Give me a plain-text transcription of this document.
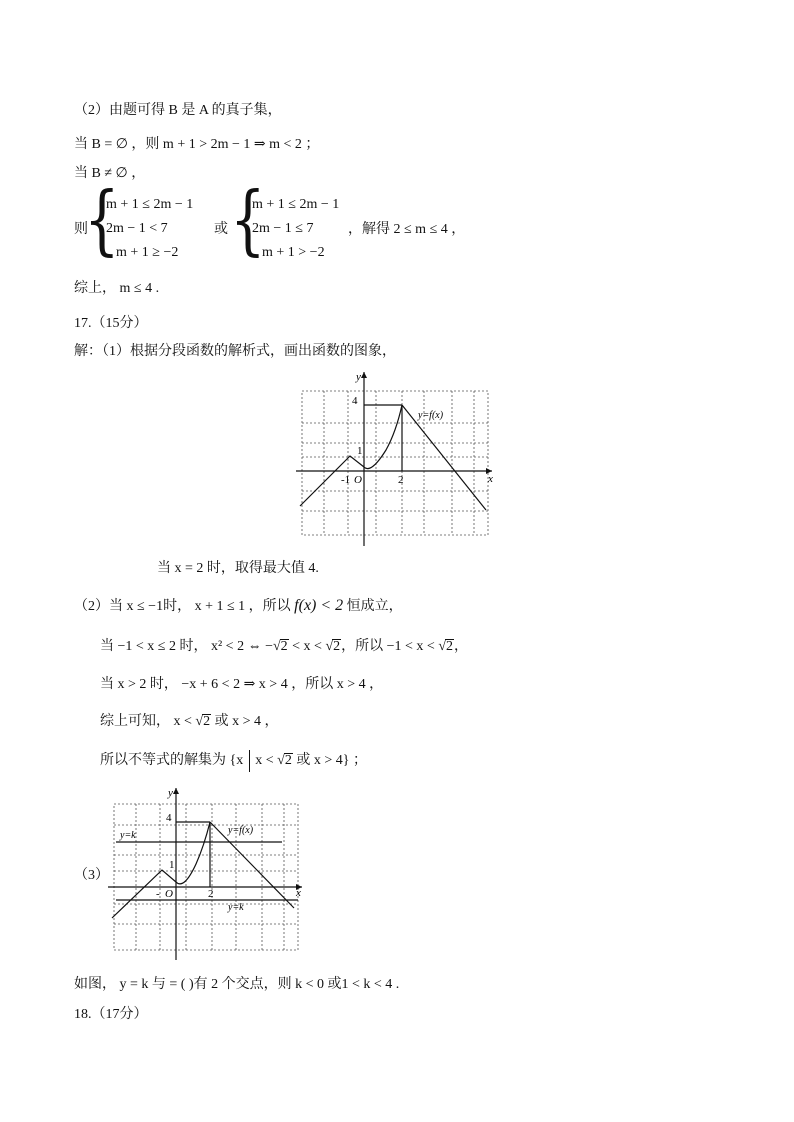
（2）由题可得 B 是 A 的真子集，
当 B = ∅ ，则 m + 1 > 2m − 1 ⇒ m < 2 ；
当 B ≠ ∅ ，
则
{
m + 1 ≤ 2m − 1
2m − 1 < 7
m + 1 ≥ −2
或 {
m + 1 ≤ 2m − 1
2m − 1 ≤ 7
m + 1 > −2
，解得 2 ≤ m ≤ 4 ，
综上， m ≤ 4 .
17.（15分）
解：（1）根据分段函数的解析式，画出函数的图象，
y
x
4
1
-1 O	2
y=f(x)
当 x = 2 时，取得最大值 4.
（2）当 x ≤ −1时， x + 1 ≤ 1 ，所以 f(x) < 2 恒成立，
当 −1 < x ≤ 2 时， x² < 2 ⇔ −√2 < x < √2，所以 −1 < x < √2，
当 x > 2 时， −x + 6 < 2 ⇒ x > 4 ，所以 x > 4 ，
综上可知， x < √2 或 x > 4 ，
所以不等式的解集为 {x x < √2 或 x > 4} ；
（3）
y
x
4
1
- O	2
y=f(x)
y=k
y=k
如图， y = k 与 = ( )有 2 个交点，则 k < 0 或1 < k < 4 .
18.（17分）
